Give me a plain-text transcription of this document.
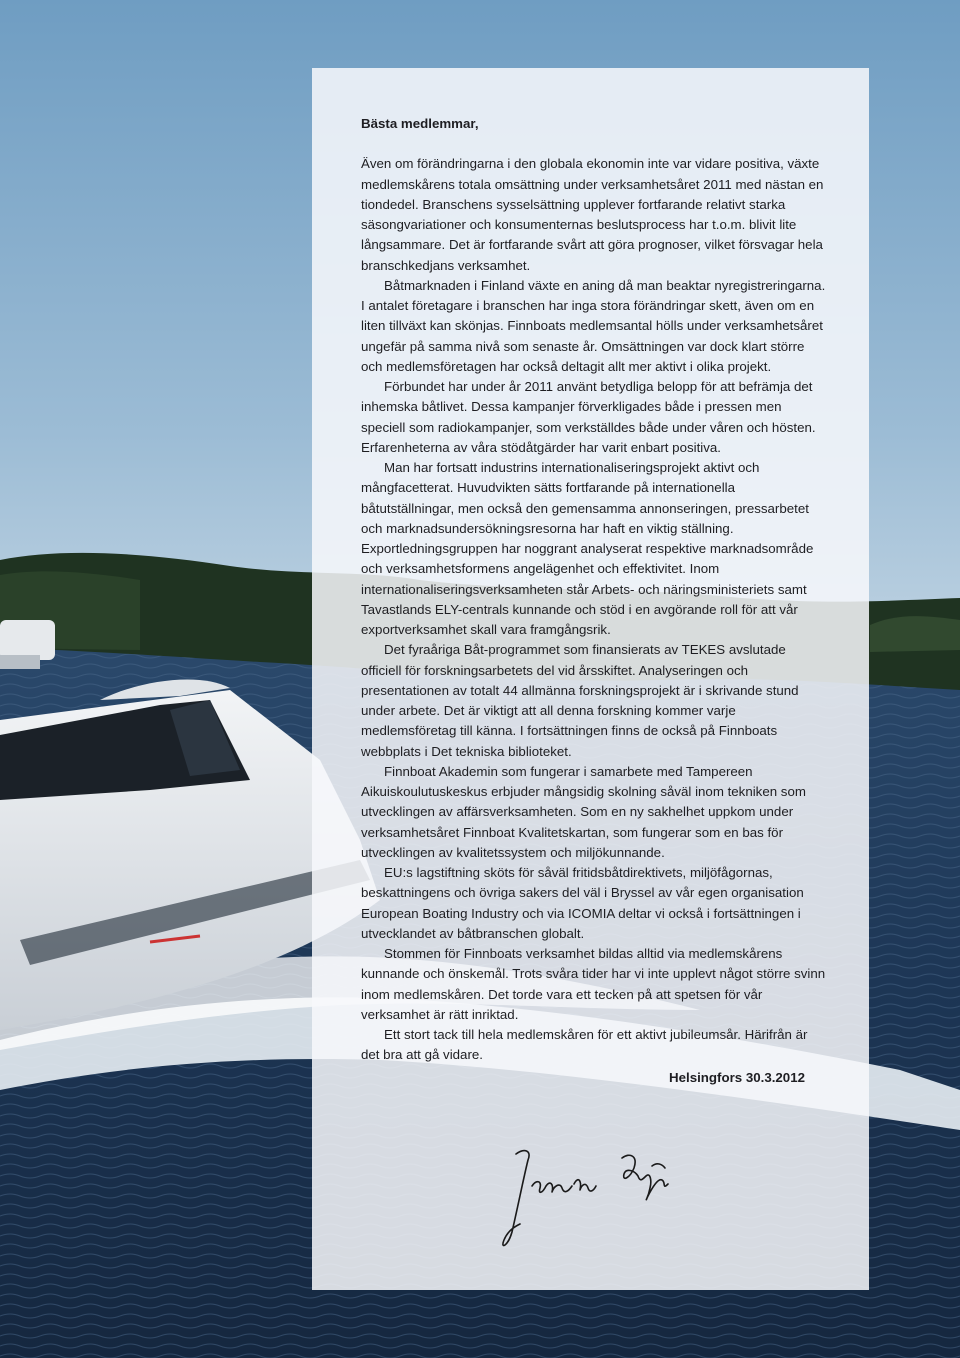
Bästa medlemmar,

Även om förändringarna i den globala ekonomin inte var vidare positiva, växte medlemskårens totala omsättning under verksamhetsåret 2011 med nästan en tiondedel. Branschens sysselsättning upplever fortfarande relativt starka säsongvariationer och konsumenternas beslutsprocess har t.o.m. blivit lite långsammare. Det är fortfarande svårt att göra prognoser, vilket försvagar hela branschkedjans verksamhet.

Båtmarknaden i Finland växte en aning då man beaktar nyregistreringarna. I antalet företagare i branschen har inga stora förändringar skett, även om en liten tillväxt kan skönjas. Finnboats medlemsantal hölls under verksamhetsåret ungefär på samma nivå som senaste år. Omsättningen var dock klart större och medlemsföretagen har också deltagit allt mer aktivt i olika projekt.

Förbundet har under år 2011 använt betydliga belopp för att befrämja det inhemska båtlivet. Dessa kampanjer förverkligades både i pressen men speciell som radiokampanjer, som verkställdes både under våren och hösten. Erfarenheterna av våra stödåtgärder har varit enbart positiva.

Man har fortsatt industrins internationaliseringsprojekt aktivt och mångfacetterat. Huvudvikten sätts fortfarande på internationella båtutställningar, men också den gemensamma annonseringen, pressarbetet och marknadsundersökningsresorna har haft en viktig ställning. Exportledningsgruppen har noggrant analyserat respektive marknadsområde och verksamhetsformens angelägenhet och effektivitet. Inom internationaliseringsverksamheten står Arbets- och näringsministeriets samt Tavastlands ELY-centrals kunnande och stöd i en avgörande roll för att vår exportverksamhet skall vara framgångsrik.

Det fyraåriga Båt-programmet som finansierats av TEKES avslutade officiell för forskningsarbetets del vid årsskiftet. Analyseringen och presentationen av totalt 44 allmänna forskningsprojekt är i skrivande stund under arbete. Det är viktigt att all denna forskning kommer varje medlemsföretag till känna. I fortsättningen finns de också på Finnboats webbplats i Det tekniska biblioteket.

Finnboat Akademin som fungerar i samarbete med Tampereen Aikuiskoulutuskeskus erbjuder mångsidig skolning såväl inom tekniken som utvecklingen av affärsverksamheten. Som en ny sakhelhet uppkom under verksamhetsåret Finnboat Kvalitetskartan, som fungerar som en bas för utvecklingen av kvalitetssystem och miljökunnande.

EU:s lagstiftning sköts för såväl fritidsbåtdirektivets, miljöfågornas, beskattningens och övriga sakers del väl i Bryssel av vår egen organisation European Boating Industry och via ICOMIA deltar vi också i fortsättningen i utvecklandet av båtbranschen globalt.

Stommen för Finnboats verksamhet bildas alltid via medlemskårens kunnande och önskemål. Trots svåra tider har vi inte upplevt något större svinn inom medlemskåren. Det torde vara ett tecken på att spetsen för vår verksamhet är rätt inriktad.

Ett stort tack till hela medlemskåren för ett aktivt jubileumsår. Härifrån är det bra att gå vidare.

Helsingfors 30.3.2012
